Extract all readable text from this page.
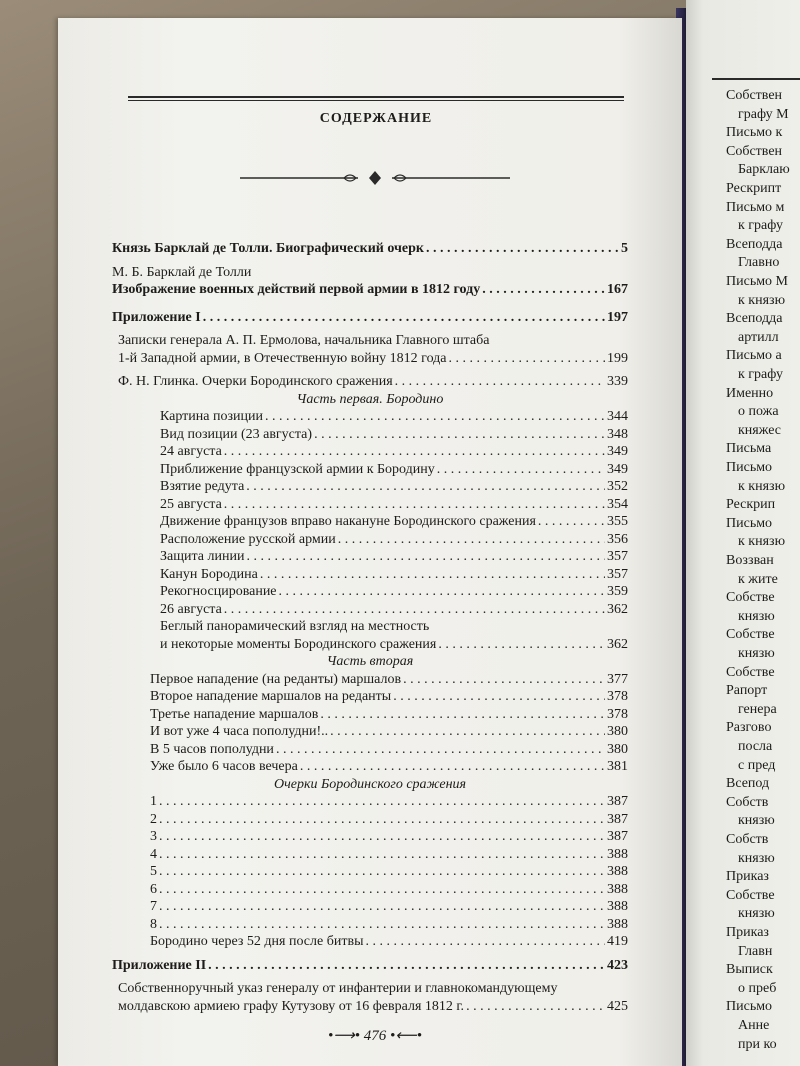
Собствен
графу М
Письмо к
Собствен
Барклаю
Рескрипт
Письмо м
к графу
Всеподда
Главно
Письмо М
к князю
Всеподда
артилл
Письмо а
к графу
Именно
о пожа
княжес
Письма
Письмо
к князю
Рескрип
Письмо
к князю
Воззван
к жите
Собстве
князю
Собстве
князю
Собстве
Рапорт
генера
Разгово
посла
с пред
Всепод
Собств
князю
Собств
князю
Приказ
Собстве
князю
Приказ
Главн
Выписк
о преб
Письмо
Анне
при ко
СОДЕРЖАНИЕ
Князь Барклай де Толли. Биографический очерк . . .	5
М. Б. Барклай де Толли
Изображение военных действий первой армии в 1812 году . . .	167
Приложение I . . .	197
Записки генерала А. П. Ермолова, начальника Главного штаба
1-й Западной армии, в Отечественную войну 1812 года . . .	199
Ф. Н. Глинка. Очерки Бородинского сражения . . .	339
Часть первая. Бородино
Картина позиции . . .	344
Вид позиции (23 августа) . . .	348
24 августа . . .	349
Приближение французской армии к Бородину . . .	349
Взятие редута . . .	352
25 августа . . .	354
Движение французов вправо накануне Бородинского сражения . . .	355
Расположение русской армии . . .	356
Защита линии . . .	357
Канун Бородина . . .	357
Рекогносцирование . . .	359
26 августа . . .	362
Беглый панорамический взгляд на местность
и некоторые моменты Бородинского сражения . . .	362
Часть вторая
Первое нападение (на реданты) маршалов . . .	377
Второе нападение маршалов на реданты . . .	378
Третье нападение маршалов . . .	378
И вот уже 4 часа пополудни!.. . . .	380
В 5 часов пополудни . . .	380
Уже было 6 часов вечера . . .	381
Очерки Бородинского сражения
1 . . .	387
2 . . .	387
3 . . .	387
4 . . .	388
5 . . .	388
6 . . .	388
7 . . .	388
8 . . .	388
Бородино через 52 дня после битвы . . .	419
Приложение II . . .	423
Собственноручный указ генералу от инфантерии и главнокомандующему
молдавскою армиею графу Кутузову от 16 февраля 1812 г. . . .	425
•⟶• 476 •⟵•
